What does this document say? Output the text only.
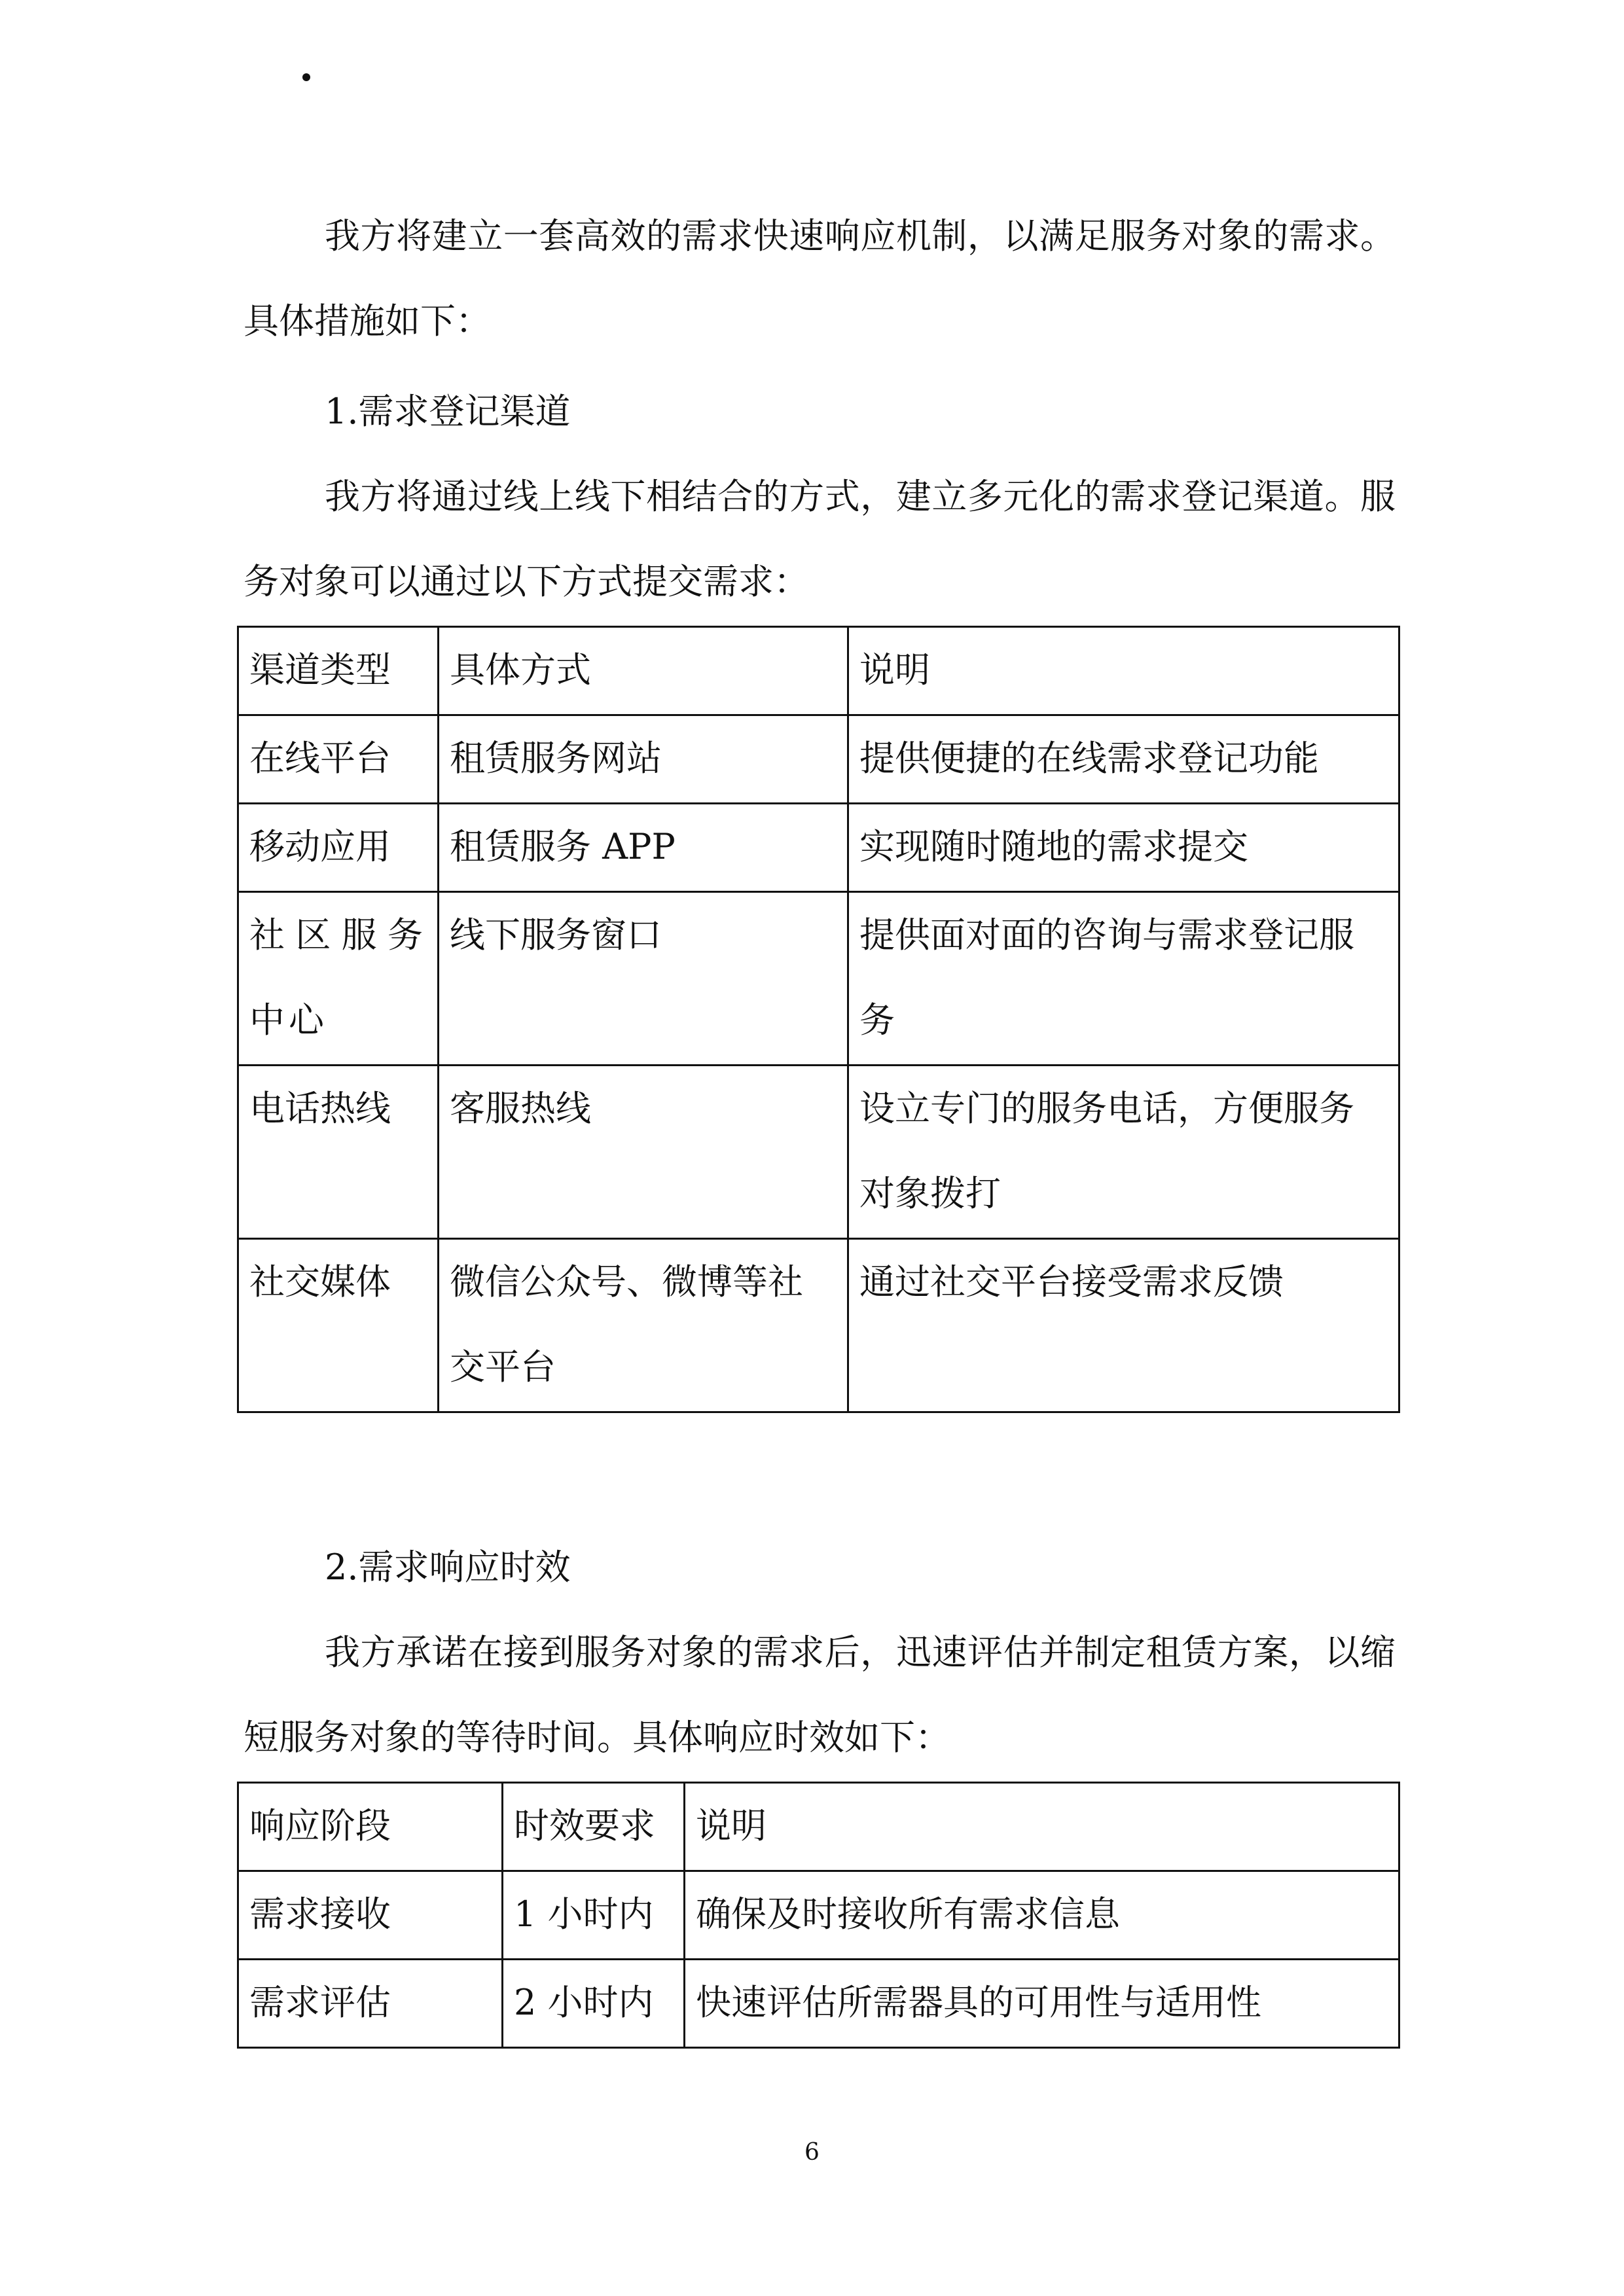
我方将建立一套高效的需求快速响应机制，以满足服务对象的需求。具体措施如下：

1.需求登记渠道

我方将通过线上线下相结合的方式，建立多元化的需求登记渠道。服务对象可以通过以下方式提交需求：

渠道类型	具体方式	说明
在线平台	租赁服务网站	提供便捷的在线需求登记功能
移动应用	租赁服务 APP	实现随时随地的需求提交
社区服务中心	线下服务窗口	提供面对面的咨询与需求登记服务
电话热线	客服热线	设立专门的服务电话，方便服务对象拨打
社交媒体	微信公众号、微博等社交平台	通过社交平台接受需求反馈

2.需求响应时效

我方承诺在接到服务对象的需求后，迅速评估并制定租赁方案，以缩短服务对象的等待时间。具体响应时效如下：

响应阶段	时效要求	说明
需求接收	1 小时内	确保及时接收所有需求信息
需求评估	2 小时内	快速评估所需器具的可用性与适用性
6
